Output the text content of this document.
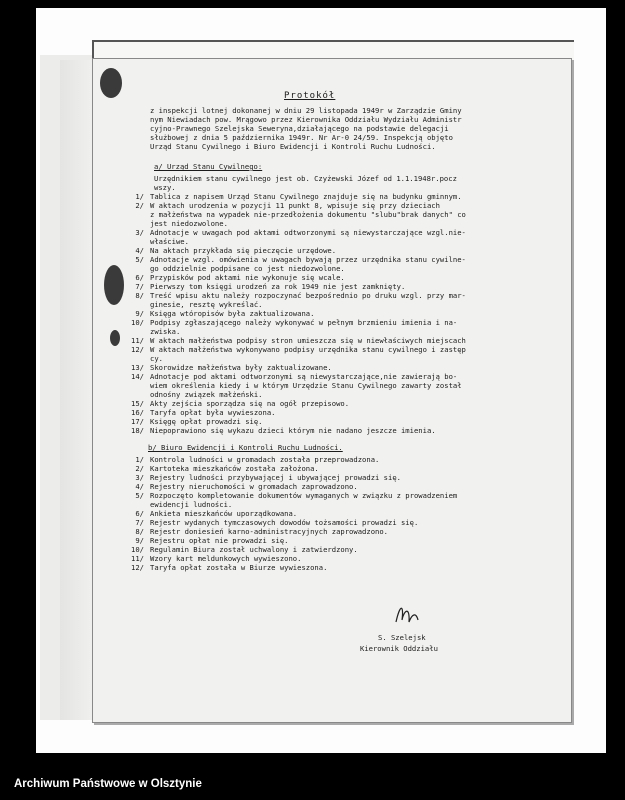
Protokół
z inspekcji lotnej dokonanej w dniu 29 listopada 1949r w Zarządzie Gminy
nym Niewiadach pow. Mrągowo przez Kierownika Oddziału Wydziału Administr
cyjno-Prawnego Szelejska Seweryna,działającego na podstawie delegacji
służbowej z dnia 5 października 1949r. Nr Ar-0 24/59. Inspekcją objęto
Urząd Stanu Cywilnego i Biuro Ewidencji i Kontroli Ruchu Ludności.
a/ Urząd Stanu Cywilnego:
Urzędnikiem stanu cywilnego jest ob. Czyżewski Józef od 1.1.1948r.pocz
wszy.
1/ Tablica z napisem Urząd Stanu Cywilnego znajduje się na budynku gminnym.
2/ W aktach urodzenia w pozycji 11 punkt 8, wpisuje się przy dzieciach
z małżeństwa na wypadek nie-przedłożenia dokumentu "slubu"brak danych" co
jest niedozwolone.
3/ Adnotacje w uwagach pod aktami odtworzonymi są niewystarczające wzgl.nie-
właściwe.
4/ Na aktach przykłada się pieczęcie urzędowe.
5/ Adnotacje wzgl. omówienia w uwagach bywają przez urzędnika stanu cywilne-
go oddzielnie podpisane co jest niedozwolone.
6/ Przypisków pod aktami nie wykonuje się wcale.
7/ Pierwszy tom księgi urodzeń za rok 1949 nie jest zamknięty.
8/ Treść wpisu aktu należy rozpoczynać bezpośrednio po druku wzgl. przy mar-
ginesie, resztę wykreślać.
9/ Księga wtóropisów była zaktualizowana.
10/ Podpisy zgłaszającego należy wykonywać w pełnym brzmieniu imienia i na-
zwiska.
11/ W aktach małżeństwa podpisy stron umieszcza się w niewłaściwych miejscach
12/ W aktach małżeństwa wykonywano podpisy urzędnika stanu cywilnego i zastęp
cy.
13/ Skorowidze małżeństwa były zaktualizowane.
14/ Adnotacje pod aktami odtworzonymi są niewystarczające,nie zawierają bo-
wiem określenia kiedy i w którym Urzędzie Stanu Cywilnego zawarty został
odnośny związek małżeński.
15/ Akty zejścia sporządza się na ogół przepisowo.
16/ Taryfa opłat była wywieszona.
17/ Księgę opłat prowadzi się.
18/ Niepoprawiono się wykazu dzieci którym nie nadano jeszcze imienia.
b/ Biuro Ewidencji i Kontroli Ruchu Ludności.
1/ Kontrola ludności w gromadach została przeprowadzona.
2/ Kartoteka mieszkańców została założona.
3/ Rejestry ludności przybywającej i ubywającej prowadzi się.
4/ Rejestry nieruchomości w gromadach zaprowadzono.
5/ Rozpoczęto kompletowanie dokumentów wymaganych w związku z prowadzeniem
ewidencji ludności.
6/ Ankieta mieszkańców uporządkowana.
7/ Rejestr wydanych tymczasowych dowodów tożsamości prowadzi się.
8/ Rejestr doniesień karno-administracyjnych zaprowadzono.
9/ Rejestru opłat nie prowadzi się.
10/ Regulamin Biura został uchwalony i zatwierdzony.
11/ Wzory kart meldunkowych wywieszono.
12/ Taryfa opłat została w Biurze wywieszona.
S. Szelejsk
Kierownik Oddziału
Archiwum Państwowe w Olsztynie
